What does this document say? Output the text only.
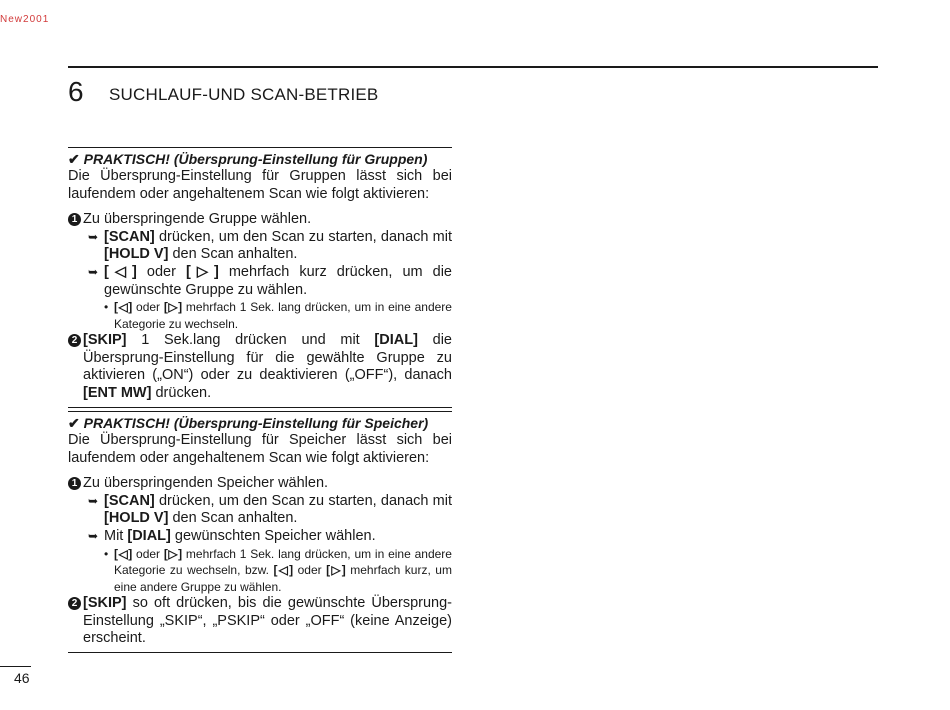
New2001
6 SUCHLAUF-UND SCAN-BETRIEB
✔ PRAKTISCH! (Übersprung-Einstellung für Gruppen)

Die Übersprung-Einstellung für Gruppen lässt sich bei laufendem oder angehaltenem Scan wie folgt aktivieren:

1 Zu überspringende Gruppe wählen.
➥ [SCAN] drücken, um den Scan zu starten, danach mit [HOLD V] den Scan anhalten.

➥ [◁] oder [▷] mehrfach kurz drücken, um die gewünschte Gruppe zu wählen.

• [◁] oder [▷] mehrfach 1 Sek. lang drücken, um in eine andere Kategorie zu wechseln.

2 [SKIP] 1 Sek.lang drücken und mit [DIAL] die Übersprung-Einstellung für die gewählte Gruppe zu aktivieren („ON“) oder zu deaktivieren („OFF“), danach [ENT MW] drücken.

✔ PRAKTISCH! (Übersprung-Einstellung für Speicher)

Die Übersprung-Einstellung für Speicher lässt sich bei laufendem oder angehaltenem Scan wie folgt aktivieren:

1 Zu überspringenden Speicher wählen.
➥ [SCAN] drücken, um den Scan zu starten, danach mit [HOLD V] den Scan anhalten.

➥ Mit [DIAL] gewünschten Speicher wählen.

• [◁] oder [▷] mehrfach 1 Sek. lang drücken, um in eine andere Kategorie zu wechseln, bzw. [◁] oder [▷] mehrfach kurz, um eine andere Gruppe zu wählen.

2 [SKIP] so oft drücken, bis die gewünschte Übersprung-Einstellung „SKIP“, „PSKIP“ oder „OFF“ (keine Anzeige) erscheint.

46
